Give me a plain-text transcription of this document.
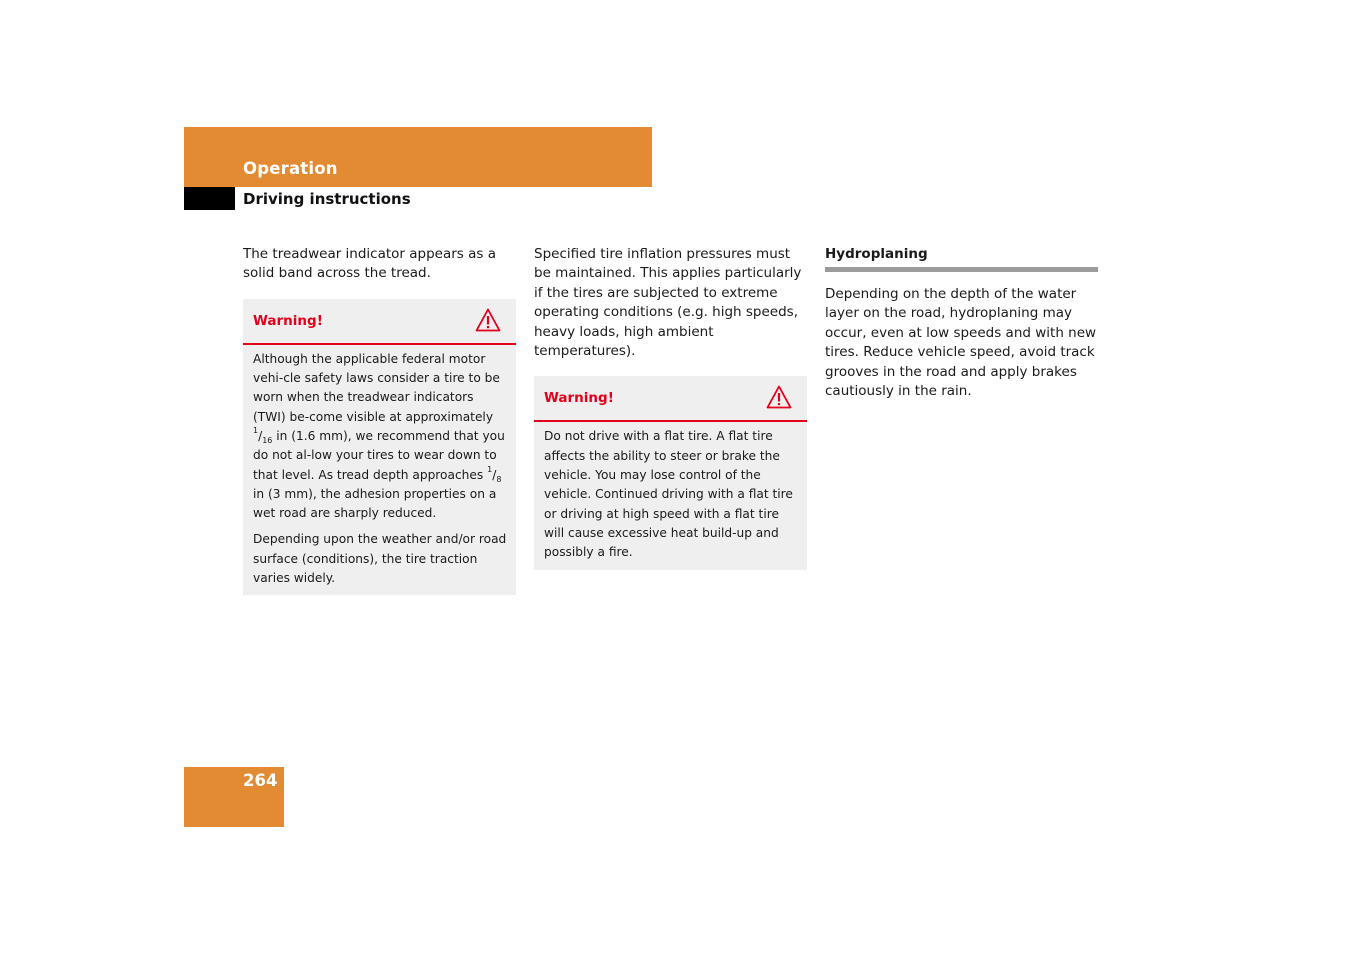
Operation
Driving instructions

The treadwear indicator appears as a solid band across the tread.

Warning!

Although the applicable federal motor vehi-cle safety laws consider a tire to be worn when the treadwear indicators (TWI) be-come visible at approximately $^1/_{16}$ in (1.6 mm), we recommend that you do not al-low your tires to wear down to that level. As tread depth approaches $^1/_8$ in (3 mm), the adhesion properties on a wet road are sharply reduced.

Depending upon the weather and/or road surface (conditions), the tire traction varies widely.

Specified tire inflation pressures must be maintained. This applies particularly if the tires are subjected to extreme operating conditions (e.g. high speeds, heavy loads, high ambient temperatures).

Warning!

Do not drive with a flat tire. A flat tire affects the ability to steer or brake the vehicle. You may lose control of the vehicle. Continued driving with a flat tire or driving at high speed with a flat tire will cause excessive heat build-up and possibly a fire.

Hydroplaning

Depending on the depth of the water layer on the road, hydroplaning may occur, even at low speeds and with new tires. Reduce vehicle speed, avoid track grooves in the road and apply brakes cautiously in the rain.

264
